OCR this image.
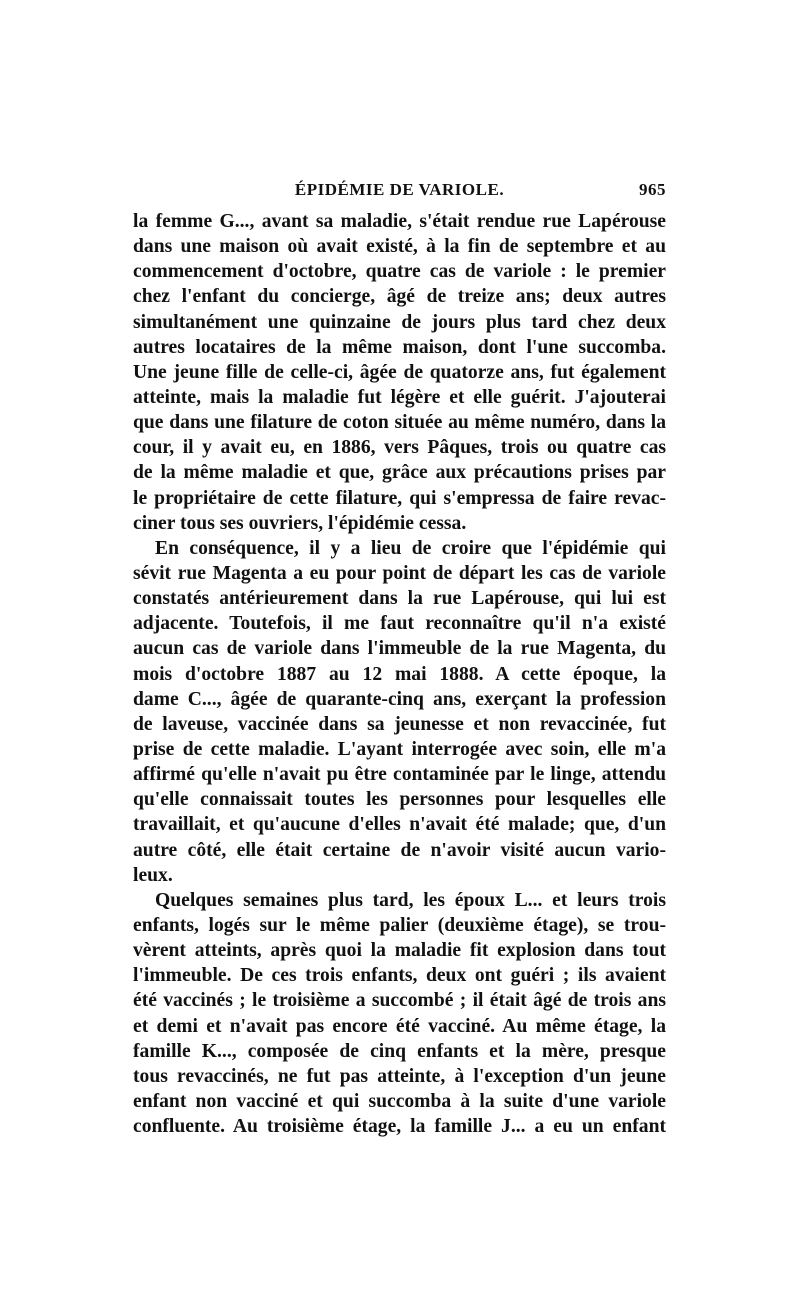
ÉPIDÉMIE DE VARIOLE.	965
la femme G..., avant sa maladie, s'était rendue rue Lapérouse
dans une maison où avait existé, à la fin de septembre et au
commencement d'octobre, quatre cas de variole : le premier
chez l'enfant du concierge, âgé de treize ans; deux autres
simultanément une quinzaine de jours plus tard chez deux
autres locataires de la même maison, dont l'une succomba.
Une jeune fille de celle-ci, âgée de quatorze ans, fut également
atteinte, mais la maladie fut légère et elle guérit. J'ajouterai
que dans une filature de coton située au même numéro, dans la
cour, il y avait eu, en 1886, vers Pâques, trois ou quatre cas
de la même maladie et que, grâce aux précautions prises par
le propriétaire de cette filature, qui s'empressa de faire revac-
ciner tous ses ouvriers, l'épidémie cessa.
En conséquence, il y a lieu de croire que l'épidémie qui
sévit rue Magenta a eu pour point de départ les cas de variole
constatés antérieurement dans la rue Lapérouse, qui lui est
adjacente. Toutefois, il me faut reconnaître qu'il n'a existé
aucun cas de variole dans l'immeuble de la rue Magenta, du
mois d'octobre 1887 au 12 mai 1888. A cette époque, la
dame C..., âgée de quarante-cinq ans, exerçant la profession
de laveuse, vaccinée dans sa jeunesse et non revaccinée, fut
prise de cette maladie. L'ayant interrogée avec soin, elle m'a
affirmé qu'elle n'avait pu être contaminée par le linge, attendu
qu'elle connaissait toutes les personnes pour lesquelles elle
travaillait, et qu'aucune d'elles n'avait été malade; que, d'un
autre côté, elle était certaine de n'avoir visité aucun vario-
leux.
Quelques semaines plus tard, les époux L... et leurs trois
enfants, logés sur le même palier (deuxième étage), se trou-
vèrent atteints, après quoi la maladie fit explosion dans tout
l'immeuble. De ces trois enfants, deux ont guéri ; ils avaient
été vaccinés ; le troisième a succombé ; il était âgé de trois ans
et demi et n'avait pas encore été vacciné. Au même étage, la
famille K..., composée de cinq enfants et la mère, presque
tous revaccinés, ne fut pas atteinte, à l'exception d'un jeune
enfant non vacciné et qui succomba à la suite d'une variole
confluente. Au troisième étage, la famille J... a eu un enfant
